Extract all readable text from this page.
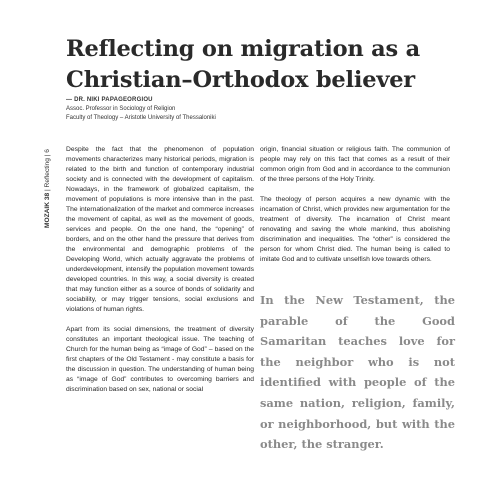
Reflecting on migration as a Christian–Orthodox believer
— DR. NIKI PAPAGEORGIOU
Assoc. Professor in Sociology of Religion
Faculty of Theology – Aristotle University of Thessaloniki
MOZAIK 38 | Reflecting | 6 Despite the fact that the phenomenon of population movements characterizes many historical periods, migration is related to the birth and function of contemporary industrial society and is connected with the development of capitalism. Nowadays, in the framework of globalized capitalism, the movement of populations is more intensive than in the past. The internationalization of the market and commerce increases the movement of capital, as well as the movement of goods, services and people. On the one hand, the “opening” of borders, and on the other hand the pressure that derives from the environmental and demographic problems of the Developing World, which actually aggravate the problems of underdevelopment, intensify the population movement towards developed countries. In this way, a social diversity is created that may function either as a source of bonds of solidarity and sociability, or may trigger tensions, social exclusions and violations of human rights.

Apart from its social dimensions, the treatment of diversity constitutes an important theological issue. The teaching of Church for the human being as “image of God” – based on the first chapters of the Old Testament - may constitute a basis for the discussion in question. The understanding of human being as “image of God” contributes to overcoming barriers and discrimination based on sex, national or social

origin, financial situation or religious faith. The communion of people may rely on this fact that comes as a result of their common origin from God and in accordance to the communion of the three persons of the Holy Trinity.

The theology of person acquires a new dynamic with the incarnation of Christ, which provides new argumentation for the treatment of diversity. The incarnation of Christ meant renovating and saving the whole mankind, thus abolishing discrimination and inequalities. The “other” is considered the person for whom Christ died. The human being is called to imitate God and to cultivate unselfish love towards others.

In the New Testament, the parable of the Good Samaritan teaches love for the neighbor who is not identified with people of the same nation, religion, family, or neighborhood, but with the other, the stranger.
